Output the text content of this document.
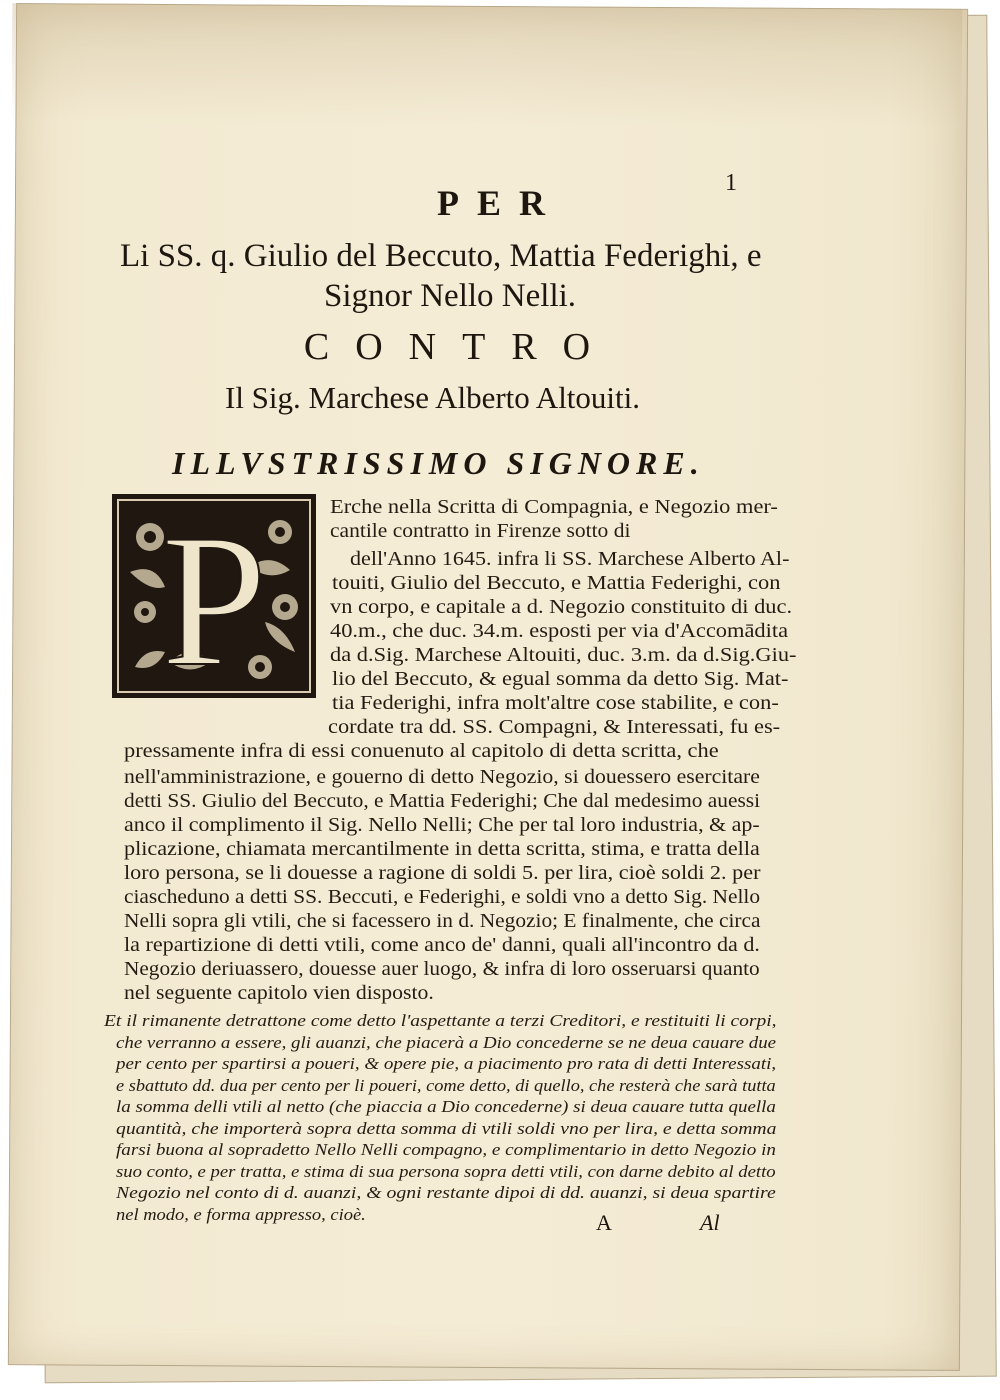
1
PER
Li SS. q. Giulio del Beccuto, Mattia Federighi, e
Signor Nello Nelli.
CONTRO
Il Sig. Marchese Alberto Altouiti.
ILLVSTRISSIMO SIGNORE.
P	Erche nella Scritta di Compagnia, e Negozio mer-
cantile contratto in Firenze sotto di
dell'Anno 1645. infra li SS. Marchese Alberto Al-
touiti, Giulio del Beccuto, e Mattia Federighi, con
vn corpo, e capitale a d. Negozio constituito di duc.
40.m., che duc. 34.m. esposti per via d'Accomādita
da d.Sig. Marchese Altouiti, duc. 3.m. da d.Sig.Giu-
lio del Beccuto, & egual somma da detto Sig. Mat-
tia Federighi, infra molt'altre cose stabilite, e con-
cordate tra dd. SS. Compagni, & Interessati, fu es-
pressamente infra di essi conuenuto al capitolo di detta scritta, che
nell'amministrazione, e gouerno di detto Negozio, si douessero esercitare
detti SS. Giulio del Beccuto, e Mattia Federighi; Che dal medesimo auessi
anco il complimento il Sig. Nello Nelli; Che per tal loro industria, & ap-
plicazione, chiamata mercantilmente in detta scritta, stima, e tratta della
loro persona, se li douesse a ragione di soldi 5. per lira, cioè soldi 2. per
ciascheduno a detti SS. Beccuti, e Federighi, e soldi vno a detto Sig. Nello
Nelli sopra gli vtili, che si facessero in d. Negozio; E finalmente, che circa
la repartizione di detti vtili, come anco de' danni, quali all'incontro da d.
Negozio deriuassero, douesse auer luogo, & infra di loro osseruarsi quanto
nel seguente capitolo vien disposto.
Et il rimanente detrattone come detto l'aspettante a terzi Creditori, e restituiti li corpi,
che verranno a essere, gli auanzi, che piacerà a Dio concederne se ne deua cauare due
per cento per spartirsi a poueri, & opere pie, a piacimento pro rata di detti Interessati,
e sbattuto dd. dua per cento per li poueri, come detto, di quello, che resterà che sarà tutta
la somma delli vtili al netto (che piaccia a Dio concederne) si deua cauare tutta quella
quantità, che importerà sopra detta somma di vtili soldi vno per lira, e detta somma
farsi buona al sopradetto Nello Nelli compagno, e complimentario in detto Negozio in
suo conto, e per tratta, e stima di sua persona sopra detti vtili, con darne debito al detto
Negozio nel conto di d. auanzi, & ogni restante dipoi di dd. auanzi, si deua spartire
nel modo, e forma appresso, cioè.	A	Al
